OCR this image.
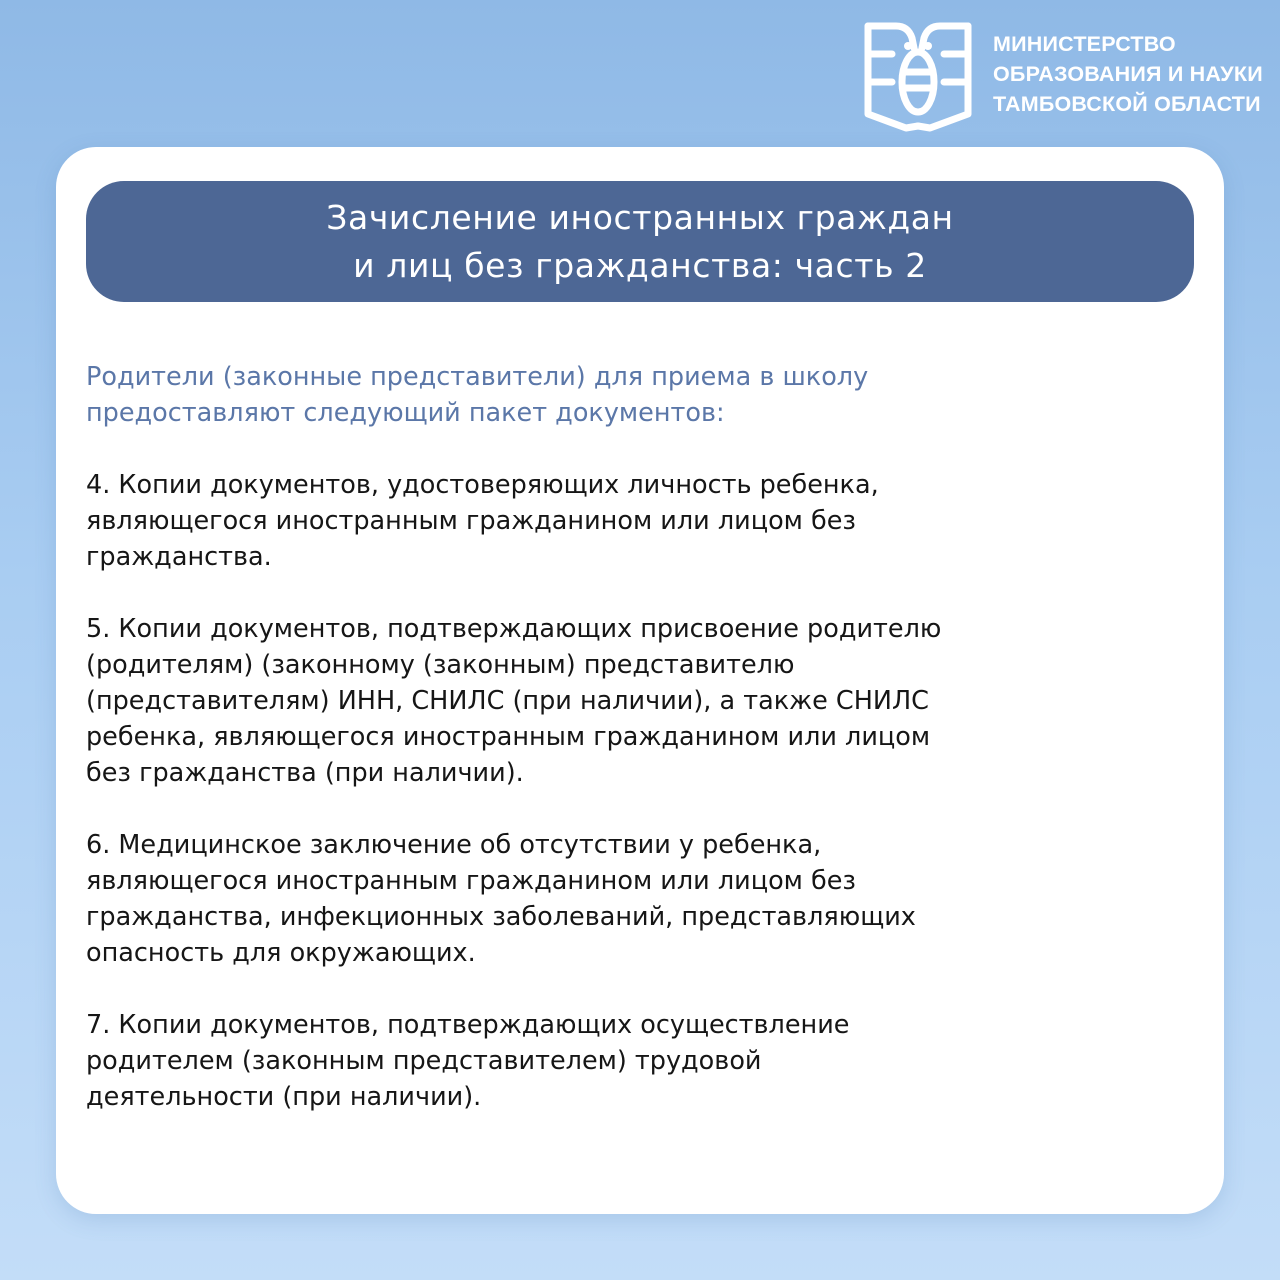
МИНИСТЕРСТВО
ОБРАЗОВАНИЯ И НАУКИ
ТАМБОВСКОЙ ОБЛАСТИ
Зачисление иностранных граждан
и лиц без гражданства: часть 2
Родители (законные представители) для приема в школу
предоставляют следующий пакет документов:
4. Копии документов, удостоверяющих личность ребенка,
являющегося иностранным гражданином или лицом без
гражданства.
5. Копии документов, подтверждающих присвоение родителю
(родителям) (законному (законным) представителю
(представителям) ИНН, СНИЛС (при наличии), а также СНИЛС
ребенка, являющегося иностранным гражданином или лицом
без гражданства (при наличии).
6. Медицинское заключение об отсутствии у ребенка,
являющегося иностранным гражданином или лицом без
гражданства, инфекционных заболеваний, представляющих
опасность для окружающих.
7. Копии документов, подтверждающих осуществление
родителем (законным представителем) трудовой
деятельности (при наличии).
